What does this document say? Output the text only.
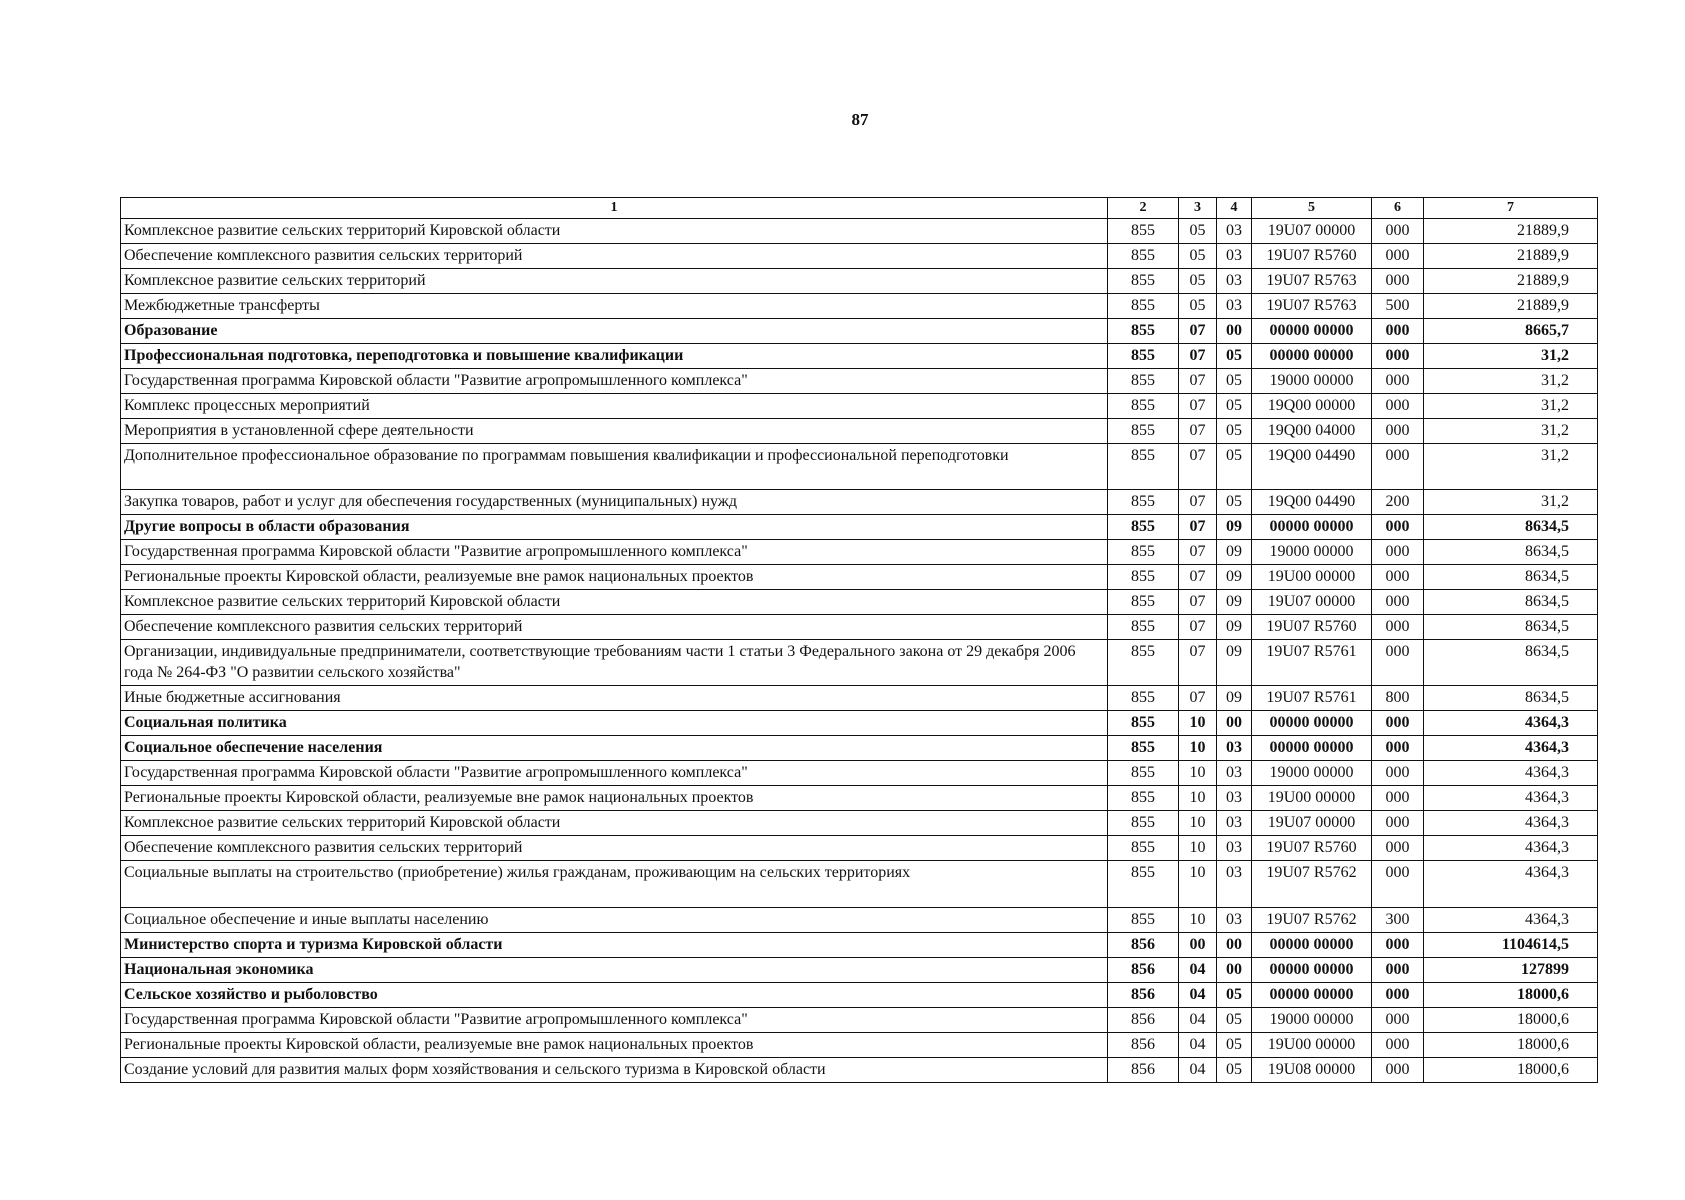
87
1	2	3	4	5	6	7
Комплексное развитие сельских территорий Кировской области	855	05	03	19U07 00000	000	21889,9
Обеспечение комплексного развития сельских территорий	855	05	03	19U07 R5760	000	21889,9
Комплексное развитие сельских территорий	855	05	03	19U07 R5763	000	21889,9
Межбюджетные трансферты	855	05	03	19U07 R5763	500	21889,9
Образование	855	07	00	00000 00000	000	8665,7
Профессиональная подготовка, переподготовка и повышение квалификации	855	07	05	00000 00000	000	31,2
Государственная программа Кировской области "Развитие агропромышленного комплекса"	855	07	05	19000 00000	000	31,2
Комплекс процессных мероприятий	855	07	05	19Q00 00000	000	31,2
Мероприятия в установленной сфере деятельности	855	07	05	19Q00 04000	000	31,2
Дополнительное профессиональное образование по программам повышения квалификации и профессиональной переподготовки	855	07	05	19Q00 04490	000	31,2
Закупка товаров, работ и услуг для обеспечения государственных (муниципальных) нужд	855	07	05	19Q00 04490	200	31,2
Другие вопросы в области образования	855	07	09	00000 00000	000	8634,5
Государственная программа Кировской области "Развитие агропромышленного комплекса"	855	07	09	19000 00000	000	8634,5
Региональные проекты Кировской области, реализуемые вне рамок национальных проектов	855	07	09	19U00 00000	000	8634,5
Комплексное развитие сельских территорий Кировской области	855	07	09	19U07 00000	000	8634,5
Обеспечение комплексного развития сельских территорий	855	07	09	19U07 R5760	000	8634,5
Организации, индивидуальные предприниматели, соответствующие требованиям части 1 статьи 3 Федерального закона от 29 декабря 2006 года № 264-ФЗ "О развитии сельского хозяйства"	855	07	09	19U07 R5761	000	8634,5
Иные бюджетные ассигнования	855	07	09	19U07 R5761	800	8634,5
Социальная политика	855	10	00	00000 00000	000	4364,3
Социальное обеспечение населения	855	10	03	00000 00000	000	4364,3
Государственная программа Кировской области "Развитие агропромышленного комплекса"	855	10	03	19000 00000	000	4364,3
Региональные проекты Кировской области, реализуемые вне рамок национальных проектов	855	10	03	19U00 00000	000	4364,3
Комплексное развитие сельских территорий Кировской области	855	10	03	19U07 00000	000	4364,3
Обеспечение комплексного развития сельских территорий	855	10	03	19U07 R5760	000	4364,3
Социальные выплаты на строительство (приобретение) жилья гражданам, проживающим на сельских территориях	855	10	03	19U07 R5762	000	4364,3
Социальное обеспечение и иные выплаты населению	855	10	03	19U07 R5762	300	4364,3
Министерство спорта и туризма Кировской области	856	00	00	00000 00000	000	1104614,5
Национальная экономика	856	04	00	00000 00000	000	127899
Сельское хозяйство и рыболовство	856	04	05	00000 00000	000	18000,6
Государственная программа Кировской области "Развитие агропромышленного комплекса"	856	04	05	19000 00000	000	18000,6
Региональные проекты Кировской области, реализуемые вне рамок национальных проектов	856	04	05	19U00 00000	000	18000,6
Создание условий для развития малых форм хозяйствования и сельского туризма в Кировской области	856	04	05	19U08 00000	000	18000,6
